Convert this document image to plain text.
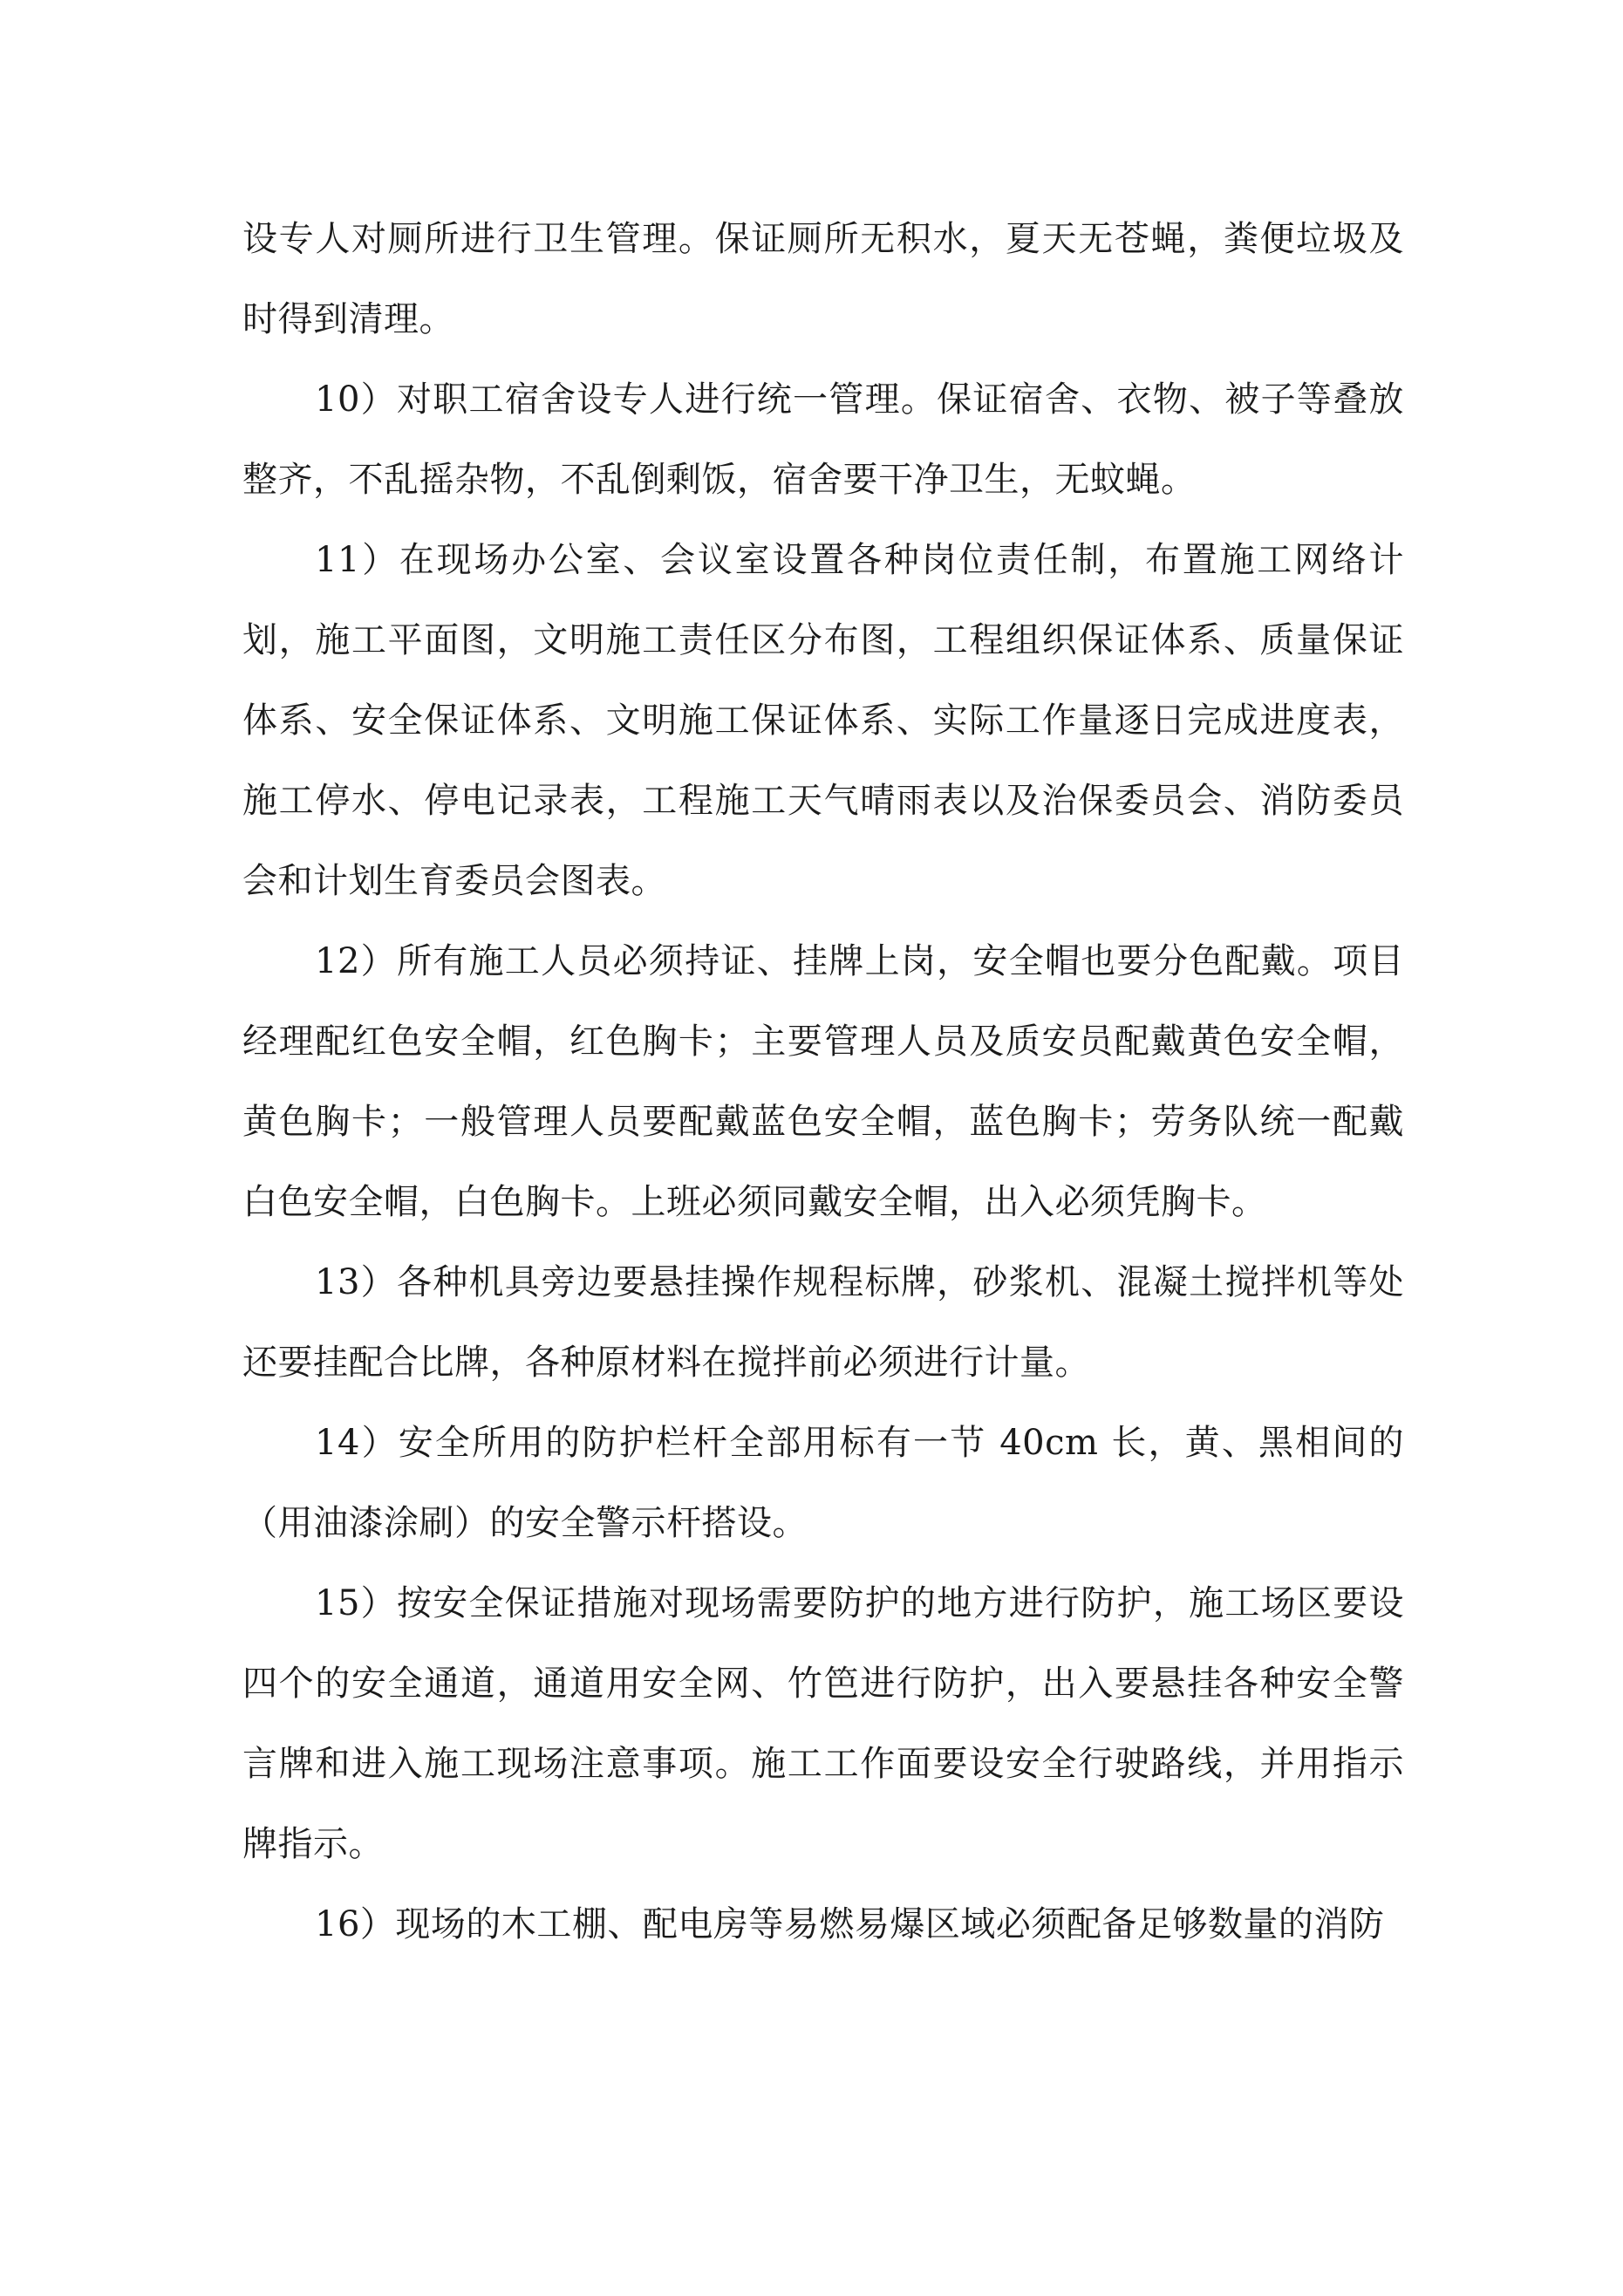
设专人对厕所进行卫生管理。保证厕所无积水，夏天无苍蝇，粪便垃圾及时得到清理。

10）对职工宿舍设专人进行统一管理。保证宿舍、衣物、被子等叠放整齐，不乱摇杂物，不乱倒剩饭，宿舍要干净卫生，无蚊蝇。

11）在现场办公室、会议室设置各种岗位责任制，布置施工网络计划，施工平面图，文明施工责任区分布图，工程组织保证体系、质量保证体系、安全保证体系、文明施工保证体系、实际工作量逐日完成进度表，施工停水、停电记录表，工程施工天气晴雨表以及治保委员会、消防委员会和计划生育委员会图表。

12）所有施工人员必须持证、挂牌上岗，安全帽也要分色配戴。项目经理配红色安全帽，红色胸卡；主要管理人员及质安员配戴黄色安全帽，黄色胸卡；一般管理人员要配戴蓝色安全帽，蓝色胸卡；劳务队统一配戴白色安全帽，白色胸卡。上班必须同戴安全帽，出入必须凭胸卡。

13）各种机具旁边要悬挂操作规程标牌，砂浆机、混凝土搅拌机等处还要挂配合比牌，各种原材料在搅拌前必须进行计量。

14）安全所用的防护栏杆全部用标有一节 40cm 长，黄、黑相间的（用油漆涂刷）的安全警示杆搭设。

15）按安全保证措施对现场需要防护的地方进行防护，施工场区要设四个的安全通道，通道用安全网、竹笆进行防护，出入要悬挂各种安全警言牌和进入施工现场注意事项。施工工作面要设安全行驶路线，并用指示牌指示。

16）现场的木工棚、配电房等易燃易爆区域必须配备足够数量的消防
